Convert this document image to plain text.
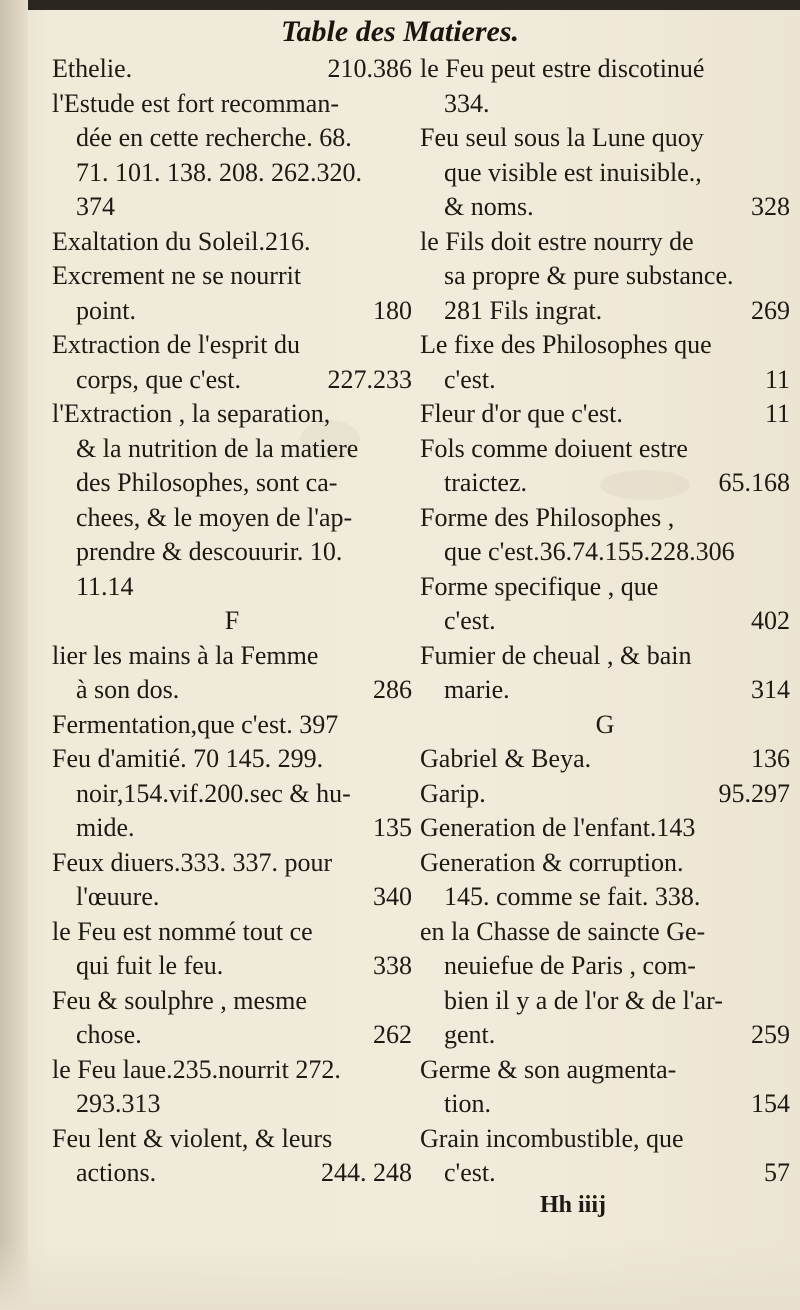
Table des Matieres.
Ethelie.	210.386
l'Estude est fort recomman-
dée en cette recherche. 68.
71. 101. 138. 208. 262.320.
374
Exaltation du Soleil.216.
Excrement ne se nourrit
point.	180
Extraction de l'esprit du
corps, que c'est.	227.233
l'Extraction , la separation,
& la nutrition de la matiere
des Philosophes, sont ca-
chees, & le moyen de l'ap-
prendre & descouurir. 10.
11.14
F
lier les mains à la Femme
à son dos.	286
Fermentation,que c'est. 397
Feu d'amitié. 70 145. 299.
noir,154.vif.200.sec & hu-
mide.	135
Feux diuers.333. 337. pour
l'œuure.	340
le Feu est nommé tout ce
qui fuit le feu.	338
Feu & soulphre , mesme
chose.	262
le Feu laue.235.nourrit 272.
293.313
Feu lent & violent, & leurs
actions.	244. 248
le Feu peut estre discotinué
334.
Feu seul sous la Lune quoy
que visible est inuisible.,
& noms.	328
le Fils doit estre nourry de
sa propre & pure substance.
281 Fils ingrat.	269
Le fixe des Philosophes que
c'est.	11
Fleur d'or que c'est.	11
Fols comme doiuent estre
traictez.	65.168
Forme des Philosophes ,
que c'est.36.74.155.228.306
Forme specifique , que
c'est.	402
Fumier de cheual , & bain
marie.	314
G
Gabriel & Beya.	136
Garip.	95.297
Generation de l'enfant.143
Generation & corruption.
145. comme se fait. 338.
en la Chasse de saincte Ge-
neuiefue de Paris , com-
bien il y a de l'or & de l'ar-
gent.	259
Germe & son augmenta-
tion.	154
Grain incombustible, que
c'est.	57
Hh iiij
